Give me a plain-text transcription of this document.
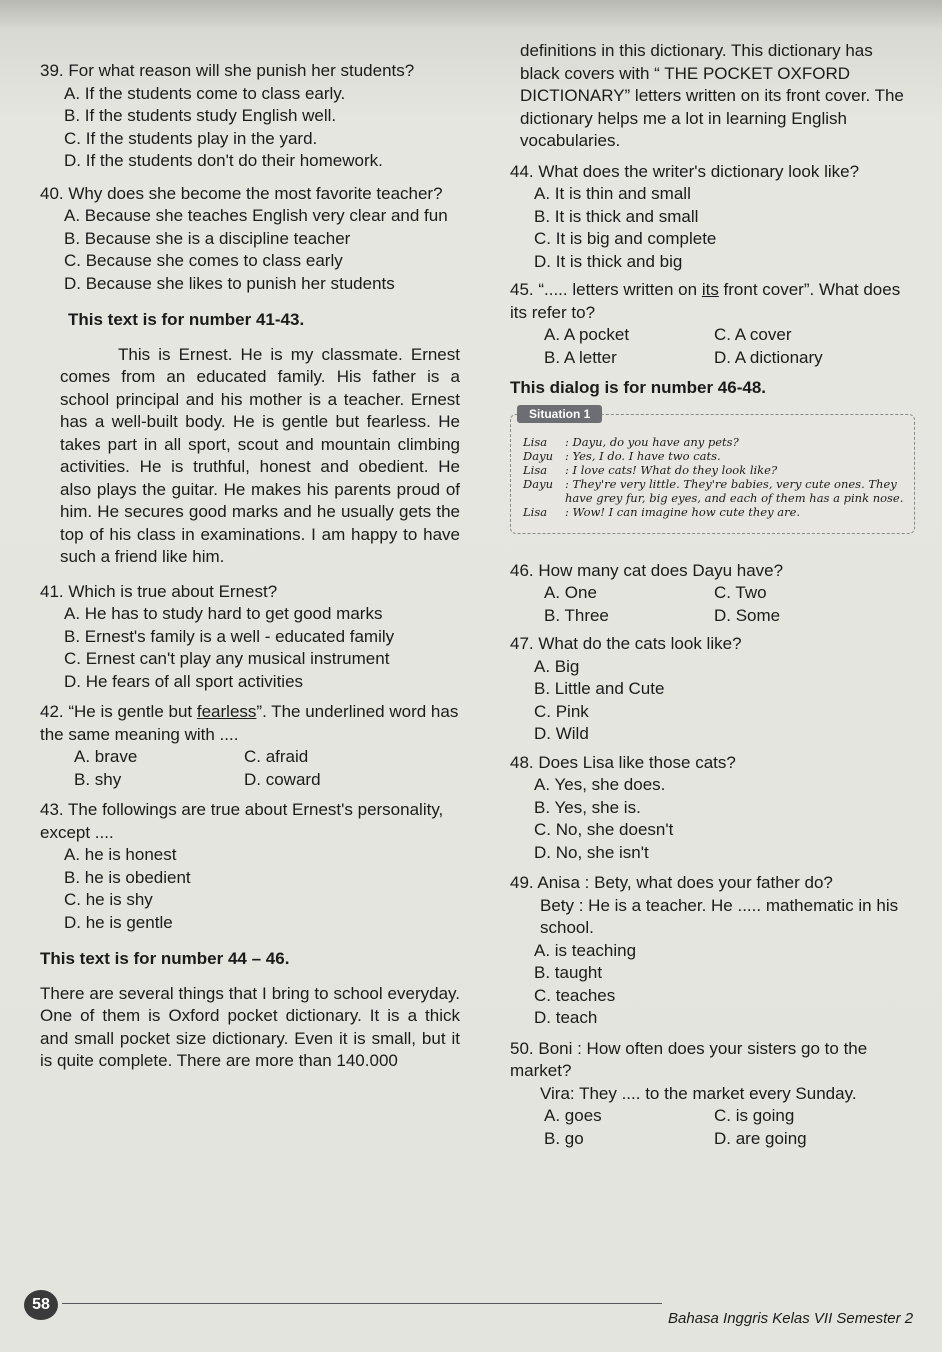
39. For what reason will she punish her students?
A. If the students come to class early.
B. If the students study English well.
C. If the students play in the yard.
D. If the students don't do their homework.
40. Why does she become the most favorite teacher?
A. Because she teaches English very clear and fun
B. Because she is a discipline teacher
C. Because she comes to class early
D. Because she likes to punish her students
This text is for number 41-43.
This is Ernest. He is my classmate. Ernest comes from an educated family. His father is a school principal and his mother is a teacher. Ernest has a well-built body. He is gentle but fearless. He takes part in all sport, scout and mountain climbing activities. He is truthful, honest and obedient. He also plays the guitar. He makes his parents proud of him. He secures good marks and he usually gets the top of his class in examinations. I am happy to have such a friend like him.
41. Which is true about Ernest?
A. He has to study hard to get good marks
B. Ernest's family is a well - educated family
C. Ernest can't play any musical instrument
D. He fears of all sport activities
42. “He is gentle but fearless”. The underlined word has the same meaning with ....
A. brave	C. afraid
B. shy	D. coward
43. The followings are true about Ernest's personality, except ....
A. he is honest
B. he is obedient
C. he is shy
D. he is gentle
This text is for number 44 – 46.
There are several things that I bring to school everyday. One of them is Oxford pocket dictionary. It is a thick and small pocket size dictionary. Even it is small, but it is quite complete. There are more than 140.000
definitions in this dictionary. This dictionary has black covers with “ THE POCKET OXFORD DICTIONARY” letters written on its front cover. The dictionary helps me a lot in learning English vocabularies.
44. What does the writer's dictionary look like?
A. It is thin and small
B. It is thick and small
C. It is big and complete
D. It is thick and big
45. “..... letters written on its front cover”. What does its refer to?
A. A pocket	C. A cover
B. A letter	D. A dictionary
This dialog is for number 46-48.
Situation 1
Lisa	: Dayu, do you have any pets?
Dayu	: Yes, I do. I have two cats.
Lisa	: I love cats! What do they look like?
Dayu	: They're very little. They're babies, very cute ones. They have grey fur, big eyes, and each of them has a pink nose.
Lisa	: Wow! I can imagine how cute they are.
46. How many cat does Dayu have?
A. One	C. Two
B. Three	D. Some
47. What do the cats look like?
A. Big
B. Little and Cute
C. Pink
D. Wild
48. Does Lisa like those cats?
A. Yes, she does.
B. Yes, she is.
C. No, she doesn't
D. No, she isn't
49. Anisa : Bety, what does your father do?
Bety : He is a teacher. He ..... mathematic in his school.
A. is teaching
B. taught
C. teaches
D. teach
50. Boni : How often does your sisters go to the market?
Vira: They .... to the market every Sunday.
A. goes	C. is going
B. go	D. are going
58
Bahasa Inggris Kelas VII Semester 2
